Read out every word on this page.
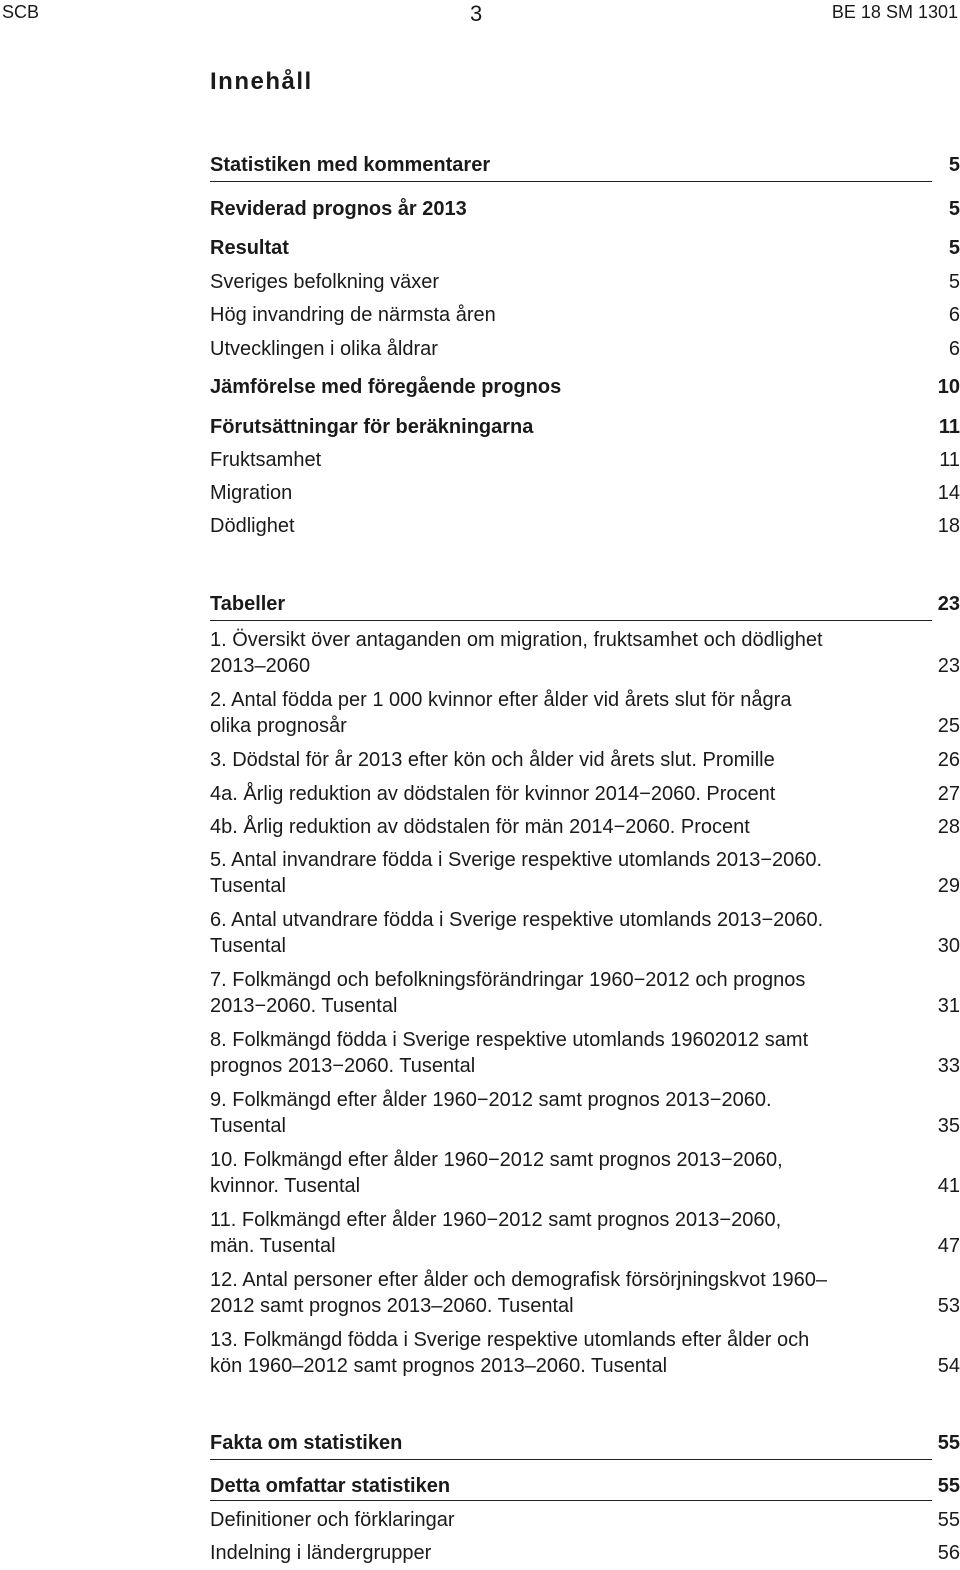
SCB	3	BE 18 SM 1301
Innehåll
Statistiken med kommentarer	5
Reviderad prognos år 2013	5
Resultat	5
Sveriges befolkning växer	5
Hög invandring de närmsta åren	6
Utvecklingen i olika åldrar	6
Jämförelse med föregående prognos	10
Förutsättningar för beräkningarna	11
Fruktsamhet	11
Migration	14
Dödlighet	18
Tabeller	23
1. Översikt över antaganden om migration, fruktsamhet och dödlighet
2013–2060	23
2. Antal födda per 1 000 kvinnor efter ålder vid årets slut för några
olika prognosår	25
3. Dödstal för år 2013 efter kön och ålder vid årets slut. Promille	26
4a. Årlig reduktion av dödstalen för kvinnor 2014−2060. Procent	27
4b. Årlig reduktion av dödstalen för män 2014−2060. Procent	28
5. Antal invandrare födda i Sverige respektive utomlands 2013−2060.
Tusental	29
6. Antal utvandrare födda i Sverige respektive utomlands 2013−2060.
Tusental	30
7. Folkmängd och befolkningsförändringar 1960−2012 och prognos
2013−2060. Tusental	31
8. Folkmängd födda i Sverige respektive utomlands 19602012 samt
prognos 2013−2060. Tusental	33
9. Folkmängd efter ålder 1960−2012 samt prognos 2013−2060.
Tusental	35
10. Folkmängd efter ålder 1960−2012 samt prognos 2013−2060,
kvinnor. Tusental	41
11. Folkmängd efter ålder 1960−2012 samt prognos 2013−2060,
män. Tusental	47
12. Antal personer efter ålder och demografisk försörjningskvot 1960–
2012 samt prognos 2013–2060. Tusental	53
13. Folkmängd födda i Sverige respektive utomlands efter ålder och
kön 1960–2012 samt prognos 2013–2060. Tusental	54
Fakta om statistiken	55
Detta omfattar statistiken	55
Definitioner och förklaringar	55
Indelning i ländergrupper	56
